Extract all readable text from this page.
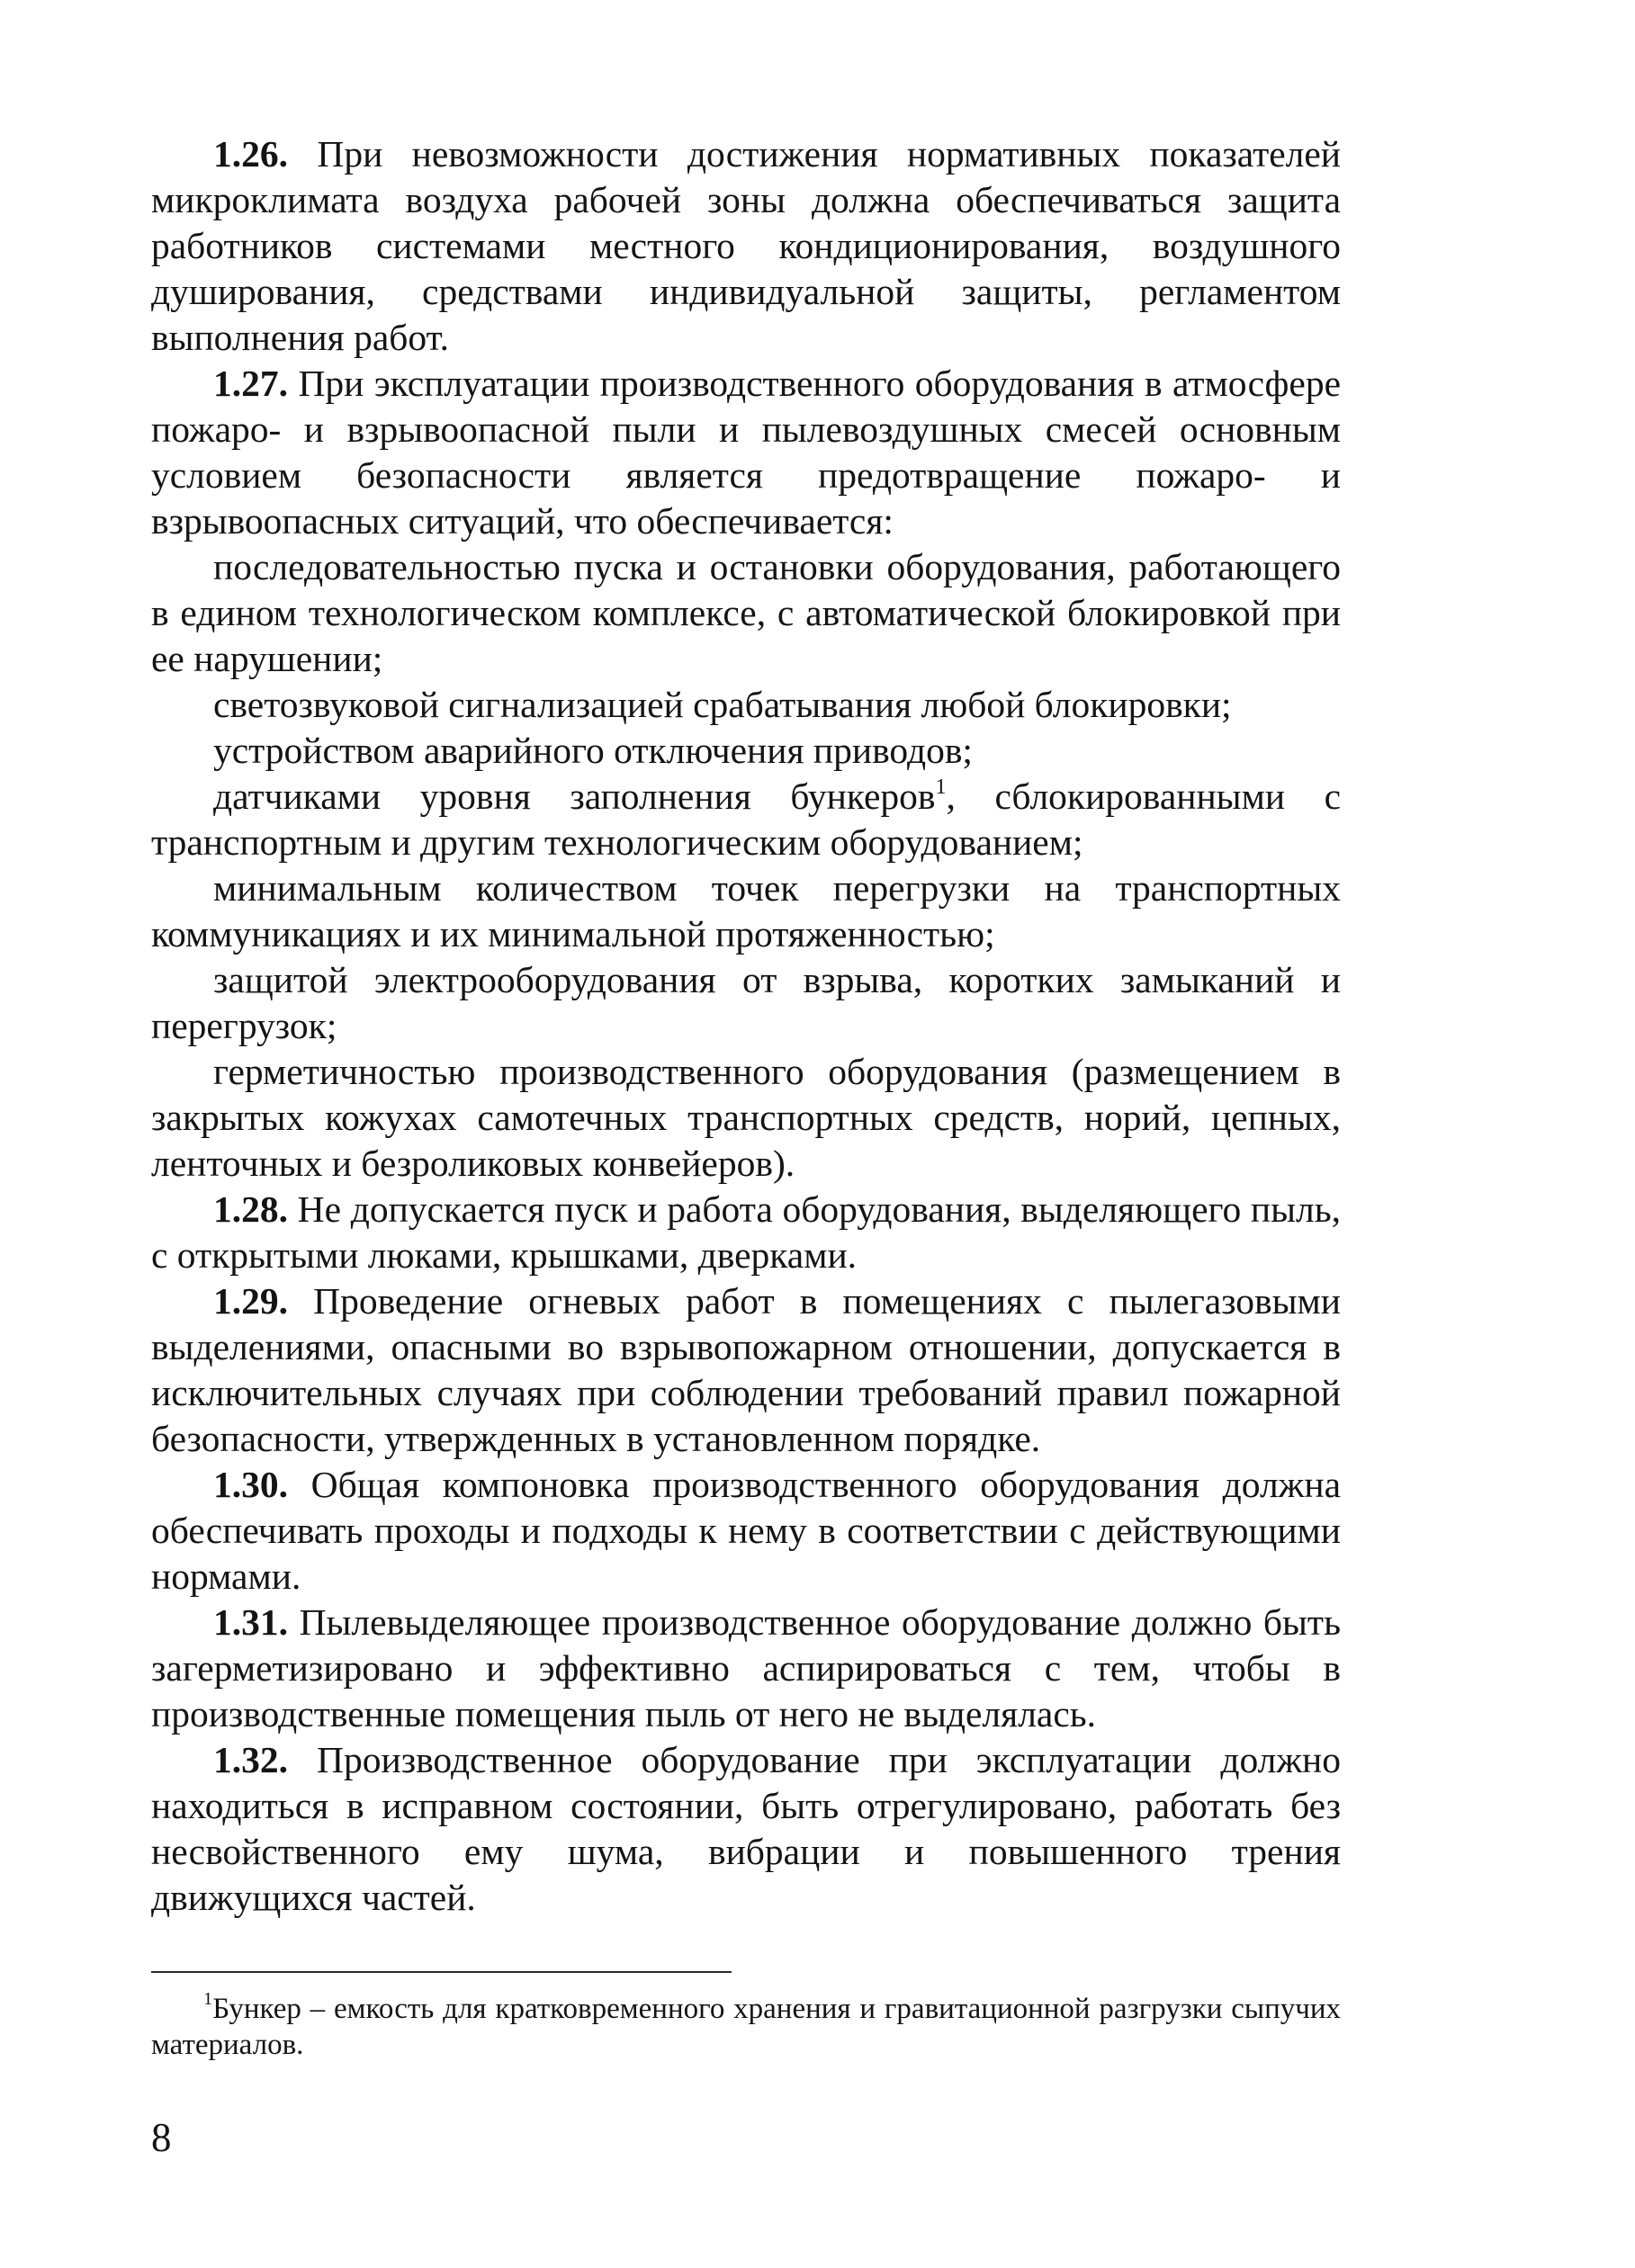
1.26. При невозможности достижения нормативных показателей микроклимата воздуха рабочей зоны должна обеспечиваться защита работников системами местного кондиционирования, воздушного душирования, средствами индивидуальной защиты, регламентом выполнения работ.

1.27. При эксплуатации производственного оборудования в атмосфере пожаро- и взрывоопасной пыли и пылевоздушных смесей основным условием безопасности является предотвращение пожаро- и взрывоопасных ситуаций, что обеспечивается:

последовательностью пуска и остановки оборудования, работающего в едином технологическом комплексе, с автоматической блокировкой при ее нарушении;

светозвуковой сигнализацией срабатывания любой блокировки;

устройством аварийного отключения приводов;

датчиками уровня заполнения бункеров$^1$, сблокированными с транспортным и другим технологическим оборудованием;

минимальным количеством точек перегрузки на транспортных коммуникациях и их минимальной протяженностью;

защитой электрооборудования от взрыва, коротких замыканий и перегрузок;

герметичностью производственного оборудования (размещением в закрытых кожухах самотечных транспортных средств, норий, цепных, ленточных и безроликовых конвейеров).

1.28. Не допускается пуск и работа оборудования, выделяющего пыль, с открытыми люками, крышками, дверками.

1.29. Проведение огневых работ в помещениях с пылегазовыми выделениями, опасными во взрывопожарном отношении, допускается в исключительных случаях при соблюдении требований правил пожарной безопасности, утвержденных в установленном порядке.

1.30. Общая компоновка производственного оборудования должна обеспечивать проходы и подходы к нему в соответствии с действующими нормами.

1.31. Пылевыделяющее производственное оборудование должно быть загерметизировано и эффективно аспирироваться с тем, чтобы в производственные помещения пыль от него не выделялась.

1.32. Производственное оборудование при эксплуатации должно находиться в исправном состоянии, быть отрегулировано, работать без несвойственного ему шума, вибрации и повышенного трения движущихся частей.

$^1$Бункер – емкость для кратковременного хранения и гравитационной разгрузки сыпучих материалов.

8
